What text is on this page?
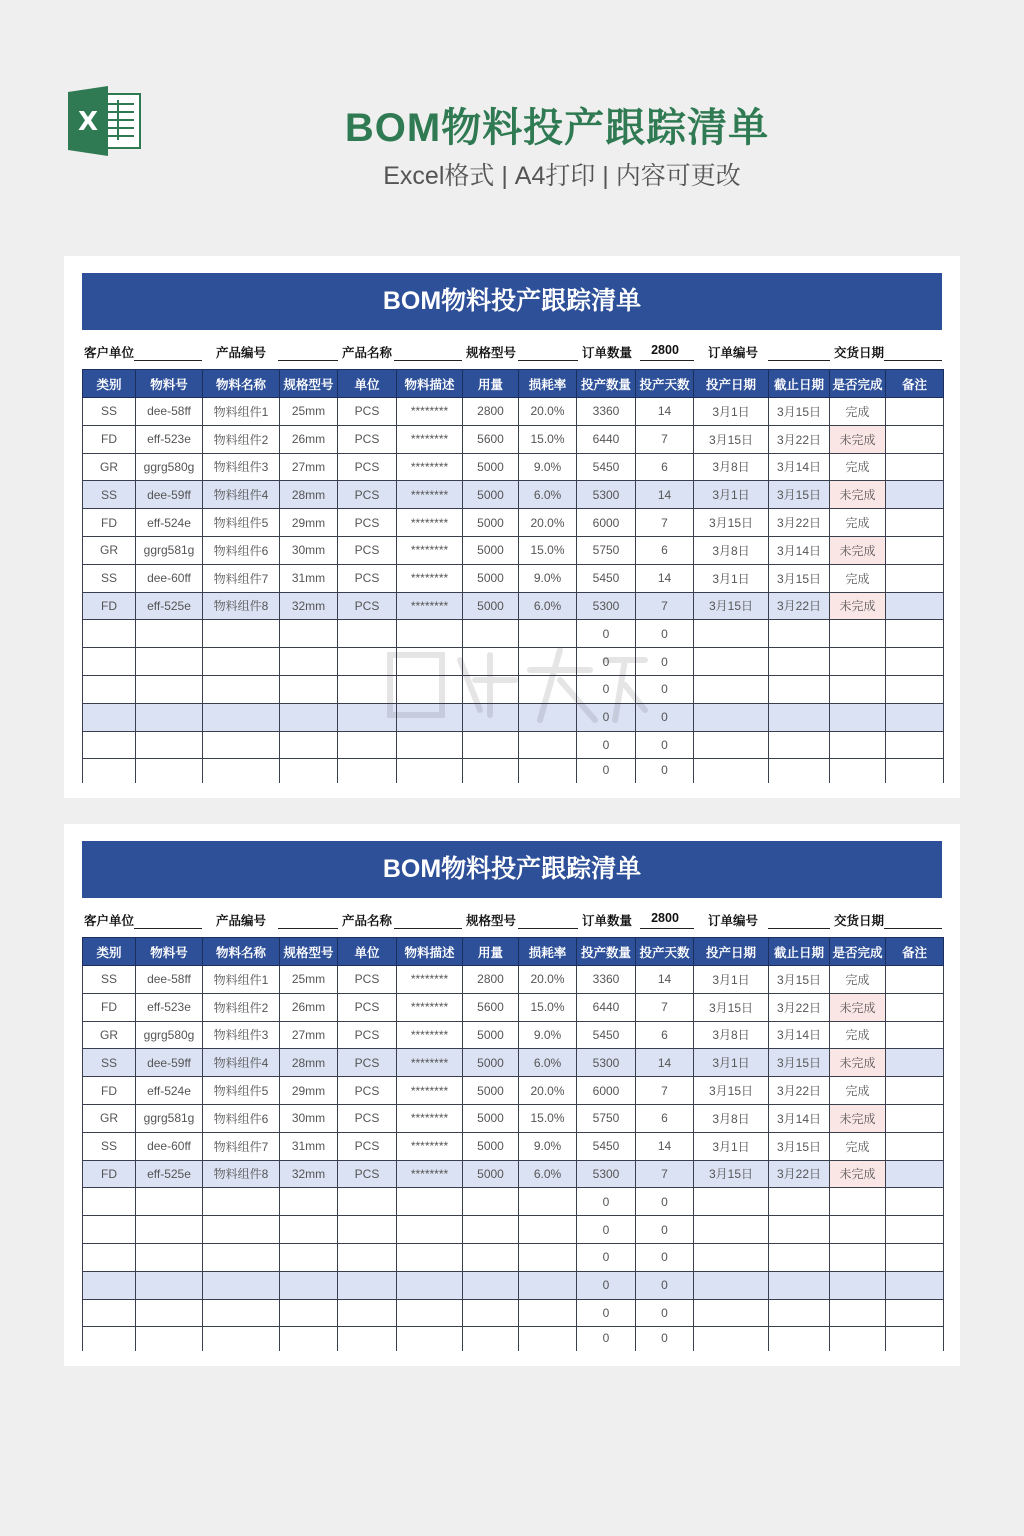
X	BOM物料投产跟踪清单
Excel格式 | A4打印 | 内容可更改
BOM物料投产跟踪清单
客户单位	产品编号	产品名称	规格型号	订单数量	2800	订单编号	交货日期
类别	物料号	物料名称	规格型号	单位	物料描述	用量	损耗率	投产数量	投产天数	投产日期	截止日期	是否完成	备注
SS	dee-58ff	物料组件1	25mm	PCS	********	2800	20.0%	3360	14	3月1日	3月15日	完成	
FD	eff-523e	物料组件2	26mm	PCS	********	5600	15.0%	6440	7	3月15日	3月22日	未完成	
GR	ggrg580g	物料组件3	27mm	PCS	********	5000	9.0%	5450	6	3月8日	3月14日	完成	
SS	dee-59ff	物料组件4	28mm	PCS	********	5000	6.0%	5300	14	3月1日	3月15日	未完成	
FD	eff-524e	物料组件5	29mm	PCS	********	5000	20.0%	6000	7	3月15日	3月22日	完成	
GR	ggrg581g	物料组件6	30mm	PCS	********	5000	15.0%	5750	6	3月8日	3月14日	未完成	
SS	dee-60ff	物料组件7	31mm	PCS	********	5000	9.0%	5450	14	3月1日	3月15日	完成	
FD	eff-525e	物料组件8	32mm	PCS	********	5000	6.0%	5300	7	3月15日	3月22日	未完成	
								0	0				
								0	0				
								0	0				
								0	0				
								0	0				
								0	0				
BOM物料投产跟踪清单
客户单位	产品编号	产品名称	规格型号	订单数量	2800	订单编号	交货日期
类别	物料号	物料名称	规格型号	单位	物料描述	用量	损耗率	投产数量	投产天数	投产日期	截止日期	是否完成	备注
SS	dee-58ff	物料组件1	25mm	PCS	********	2800	20.0%	3360	14	3月1日	3月15日	完成	
FD	eff-523e	物料组件2	26mm	PCS	********	5600	15.0%	6440	7	3月15日	3月22日	未完成	
GR	ggrg580g	物料组件3	27mm	PCS	********	5000	9.0%	5450	6	3月8日	3月14日	完成	
SS	dee-59ff	物料组件4	28mm	PCS	********	5000	6.0%	5300	14	3月1日	3月15日	未完成	
FD	eff-524e	物料组件5	29mm	PCS	********	5000	20.0%	6000	7	3月15日	3月22日	完成	
GR	ggrg581g	物料组件6	30mm	PCS	********	5000	15.0%	5750	6	3月8日	3月14日	未完成	
SS	dee-60ff	物料组件7	31mm	PCS	********	5000	9.0%	5450	14	3月1日	3月15日	完成	
FD	eff-525e	物料组件8	32mm	PCS	********	5000	6.0%	5300	7	3月15日	3月22日	未完成	
								0	0				
								0	0				
								0	0				
								0	0				
								0	0				
								0	0				
